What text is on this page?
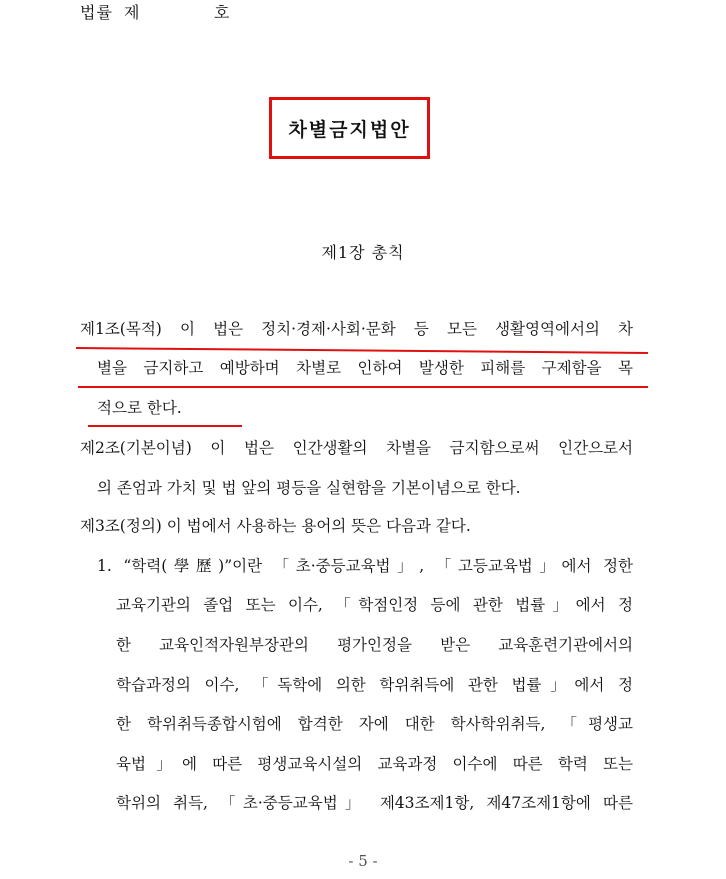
법률 제	호
차별금지법안
제1장 총칙
제1조(목적) 이 법은 정치·경제·사회·문화 등 모든 생활영역에서의 차
별을 금지하고 예방하며 차별로 인하여 발생한 피해를 구제함을 목
적으로 한다.
제2조(기본이념) 이 법은 인간생활의 차별을 금지함으로써 인간으로서
의 존엄과 가치 및 법 앞의 평등을 실현함을 기본이념으로 한다.
제3조(정의) 이 법에서 사용하는 용어의 뜻은 다음과 같다.
1. “학력(學歷)”이란 「초·중등교육법」, 「고등교육법」에서 정한
교육기관의 졸업 또는 이수, 「학점인정 등에 관한 법률」에서 정
한 교육인적자원부장관의 평가인정을 받은 교육훈련기관에서의
학습과정의 이수, 「독학에 의한 학위취득에 관한 법률」에서 정
한 학위취득종합시험에 합격한 자에 대한 학사학위취득, 「평생교
육법」에 따른 평생교육시설의 교육과정 이수에 따른 학력 또는
학위의 취득, 「초·중등교육법」 제43조제1항, 제47조제1항에 따른
- 5 -
